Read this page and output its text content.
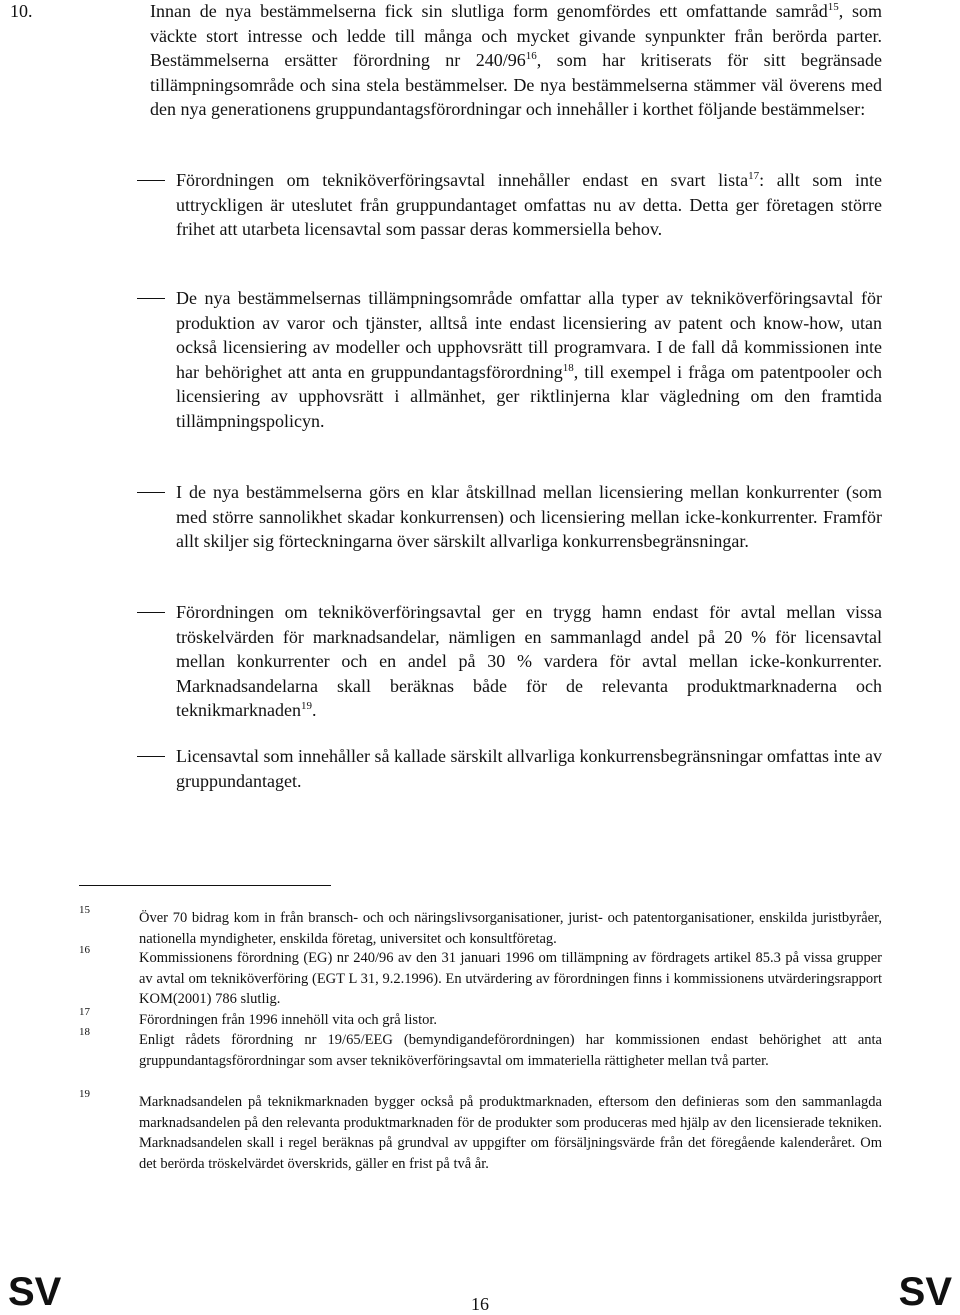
10.	Innan de nya bestämmelserna fick sin slutliga form genomfördes ett omfattande samråd$^{15}$, som väckte stort intresse och ledde till många och mycket givande synpunkter från berörda parter. Bestämmelserna ersätter förordning nr $240/96^{16}$, som har kritiserats för sitt begränsade tillämpningsområde och sina stela bestämmelser. De nya bestämmelserna stämmer väl överens med den nya generationens gruppundantagsförordningar och innehåller i korthet följande bestämmelser:
Förordningen om tekniköverföringsavtal innehåller endast en svart lista$^{17}$: allt som inte uttryckligen är uteslutet från gruppundantaget omfattas nu av detta. Detta ger företagen större frihet att utarbeta licensavtal som passar deras kommersiella behov.
De nya bestämmelsernas tillämpningsområde omfattar alla typer av tekniköverföringsavtal för produktion av varor och tjänster, alltså inte endast licensiering av patent och know-how, utan också licensiering av modeller och upphovsrätt till programvara. I de fall då kommissionen inte har behörighet att anta en gruppundantagsförordning$^{18}$, till exempel i fråga om patentpooler och licensiering av upphovsrätt i allmänhet, ger riktlinjerna klar vägledning om den framtida tillämpningspolicyn.
I de nya bestämmelserna görs en klar åtskillnad mellan licensiering mellan konkurrenter (som med större sannolikhet skadar konkurrensen) och licensiering mellan icke-konkurrenter. Framför allt skiljer sig förteckningarna över särskilt allvarliga konkurrensbegränsningar.
Förordningen om tekniköverföringsavtal ger en trygg hamn endast för avtal mellan vissa tröskelvärden för marknadsandelar, nämligen en sammanlagd andel på 20 % för licensavtal mellan konkurrenter och en andel på 30 % vardera för avtal mellan icke-konkurrenter. Marknadsandelarna skall beräknas både för de relevanta produktmarknaderna och teknikmarknaden$^{19}$.
Licensavtal som innehåller så kallade särskilt allvarliga konkurrensbegränsningar omfattas inte av gruppundantaget.
15	Över 70 bidrag kom in från bransch- och och näringslivsorganisationer, jurist- och patentorganisationer, enskilda juristbyråer, nationella myndigheter, enskilda företag, universitet och konsultföretag.
16	Kommissionens förordning (EG) nr 240/96 av den 31 januari 1996 om tillämpning av fördragets artikel 85.3 på vissa grupper av avtal om tekniköverföring (EGT L 31, 9.2.1996). En utvärdering av förordningen finns i kommissionens utvärderingsrapport KOM(2001) 786 slutlig.
17	Förordningen från 1996 innehöll vita och grå listor.
18	Enligt rådets förordning nr 19/65/EEG (bemyndigandeförordningen) har kommissionen endast behörighet att anta gruppundantagsförordningar som avser tekniköverföringsavtal om immateriella rättigheter mellan två parter.
19	Marknadsandelen på teknikmarknaden bygger också på produktmarknaden, eftersom den definieras som den sammanlagda marknadsandelen på den relevanta produktmarknaden för de produkter som produceras med hjälp av den licensierade tekniken. Marknadsandelen skall i regel beräknas på grundval av uppgifter om försäljningsvärde från det föregående kalenderåret. Om det berörda tröskelvärdet överskrids, gäller en frist på två år.
SV	16	SV
